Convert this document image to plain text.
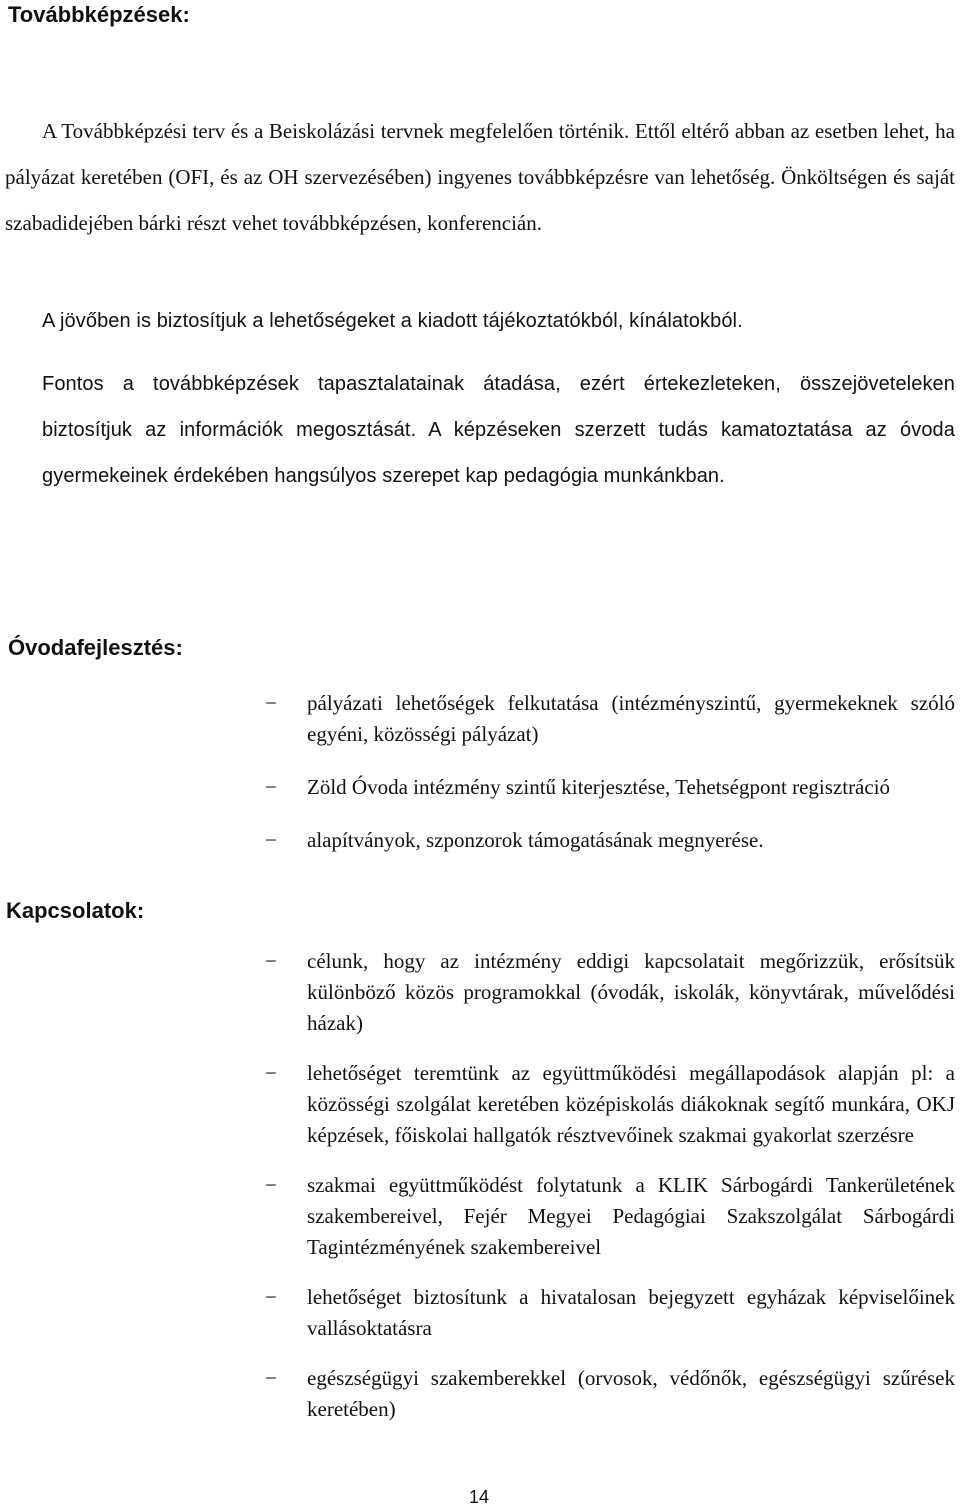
Továbbképzések:

A Továbbképzési terv és a Beiskolázási tervnek megfelelően történik. Ettől eltérő abban az esetben lehet, ha pályázat keretében (OFI, és az OH szervezésében) ingyenes továbbképzésre van lehetőség. Önköltségen és saját szabadidejében bárki részt vehet továbbképzésen, konferencián.

A jövőben is biztosítjuk a lehetőségeket a kiadott tájékoztatókból, kínálatokból.

Fontos a továbbképzések tapasztalatainak átadása, ezért értekezleteken, összejöveteleken biztosítjuk az információk megosztását. A képzéseken szerzett tudás kamatoztatása az óvoda gyermekeinek érdekében hangsúlyos szerepet kap pedagógia munkánkban.

Óvodafejlesztés:
−	pályázati lehetőségek felkutatása (intézményszintű, gyermekeknek szóló egyéni, közösségi pályázat)
−	Zöld Óvoda intézmény szintű kiterjesztése, Tehetségpont regisztráció
−	alapítványok, szponzorok támogatásának megnyerése.
Kapcsolatok:
−	célunk, hogy az intézmény eddigi kapcsolatait megőrizzük, erősítsük különböző közös programokkal (óvodák, iskolák, könyvtárak, művelődési házak)
−	lehetőséget teremtünk az együttműködési megállapodások alapján pl: a közösségi szolgálat keretében középiskolás diákoknak segítő munkára, OKJ képzések, főiskolai hallgatók résztvevőinek szakmai gyakorlat szerzésre
−	szakmai együttműködést folytatunk a KLIK Sárbogárdi Tankerületének szakembereivel, Fejér Megyei Pedagógiai Szakszolgálat Sárbogárdi Tagintézményének szakembereivel
−	lehetőséget biztosítunk a hivatalosan bejegyzett egyházak képviselőinek vallásoktatásra
−	egészségügyi szakemberekkel (orvosok, védőnők, egészségügyi szűrések keretében)
14
